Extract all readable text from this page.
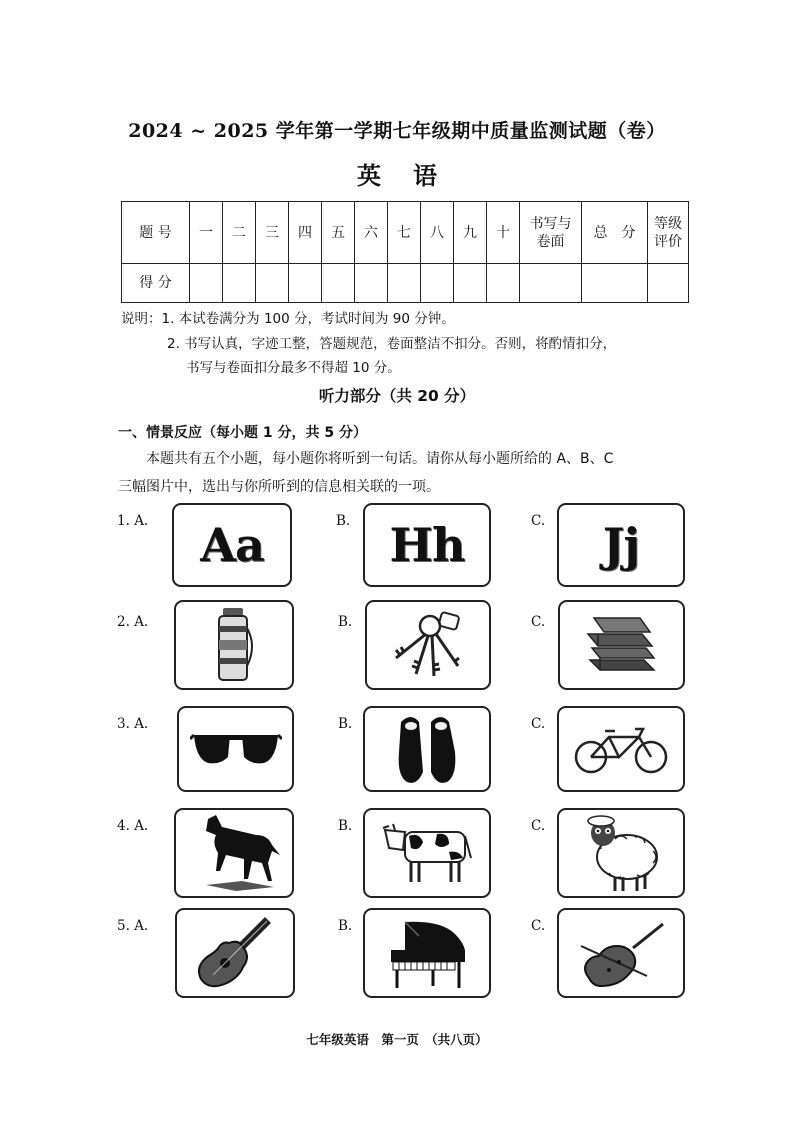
2024 ~ 2025 学年第一学期七年级期中质量监测试题（卷）
英语
题 号	一	二	三	四	五	六	七	八	九	十	书写与卷面	总　分	等级评价
得 分													
说明：1. 本试卷满分为 100 分，考试时间为 90 分钟。
2. 书写认真，字迹工整，答题规范，卷面整洁不扣分。否则，将酌情扣分，
书写与卷面扣分最多不得超 10 分。
听力部分（共 20 分）
一、情景反应（每小题 1 分，共 5 分）
本题共有五个小题，每小题你将听到一句话。请你从每小题所给的 A、B、C
三幅图片中，选出与你所听到的信息相关联的一项。
1. A. Aa	B. Hh	C. Jj
2. A.	B.	C.
3. A.	B.	C.
4. A.	B.	C.
5. A.	B.	C.
七年级英语　第一页　（共八页）
